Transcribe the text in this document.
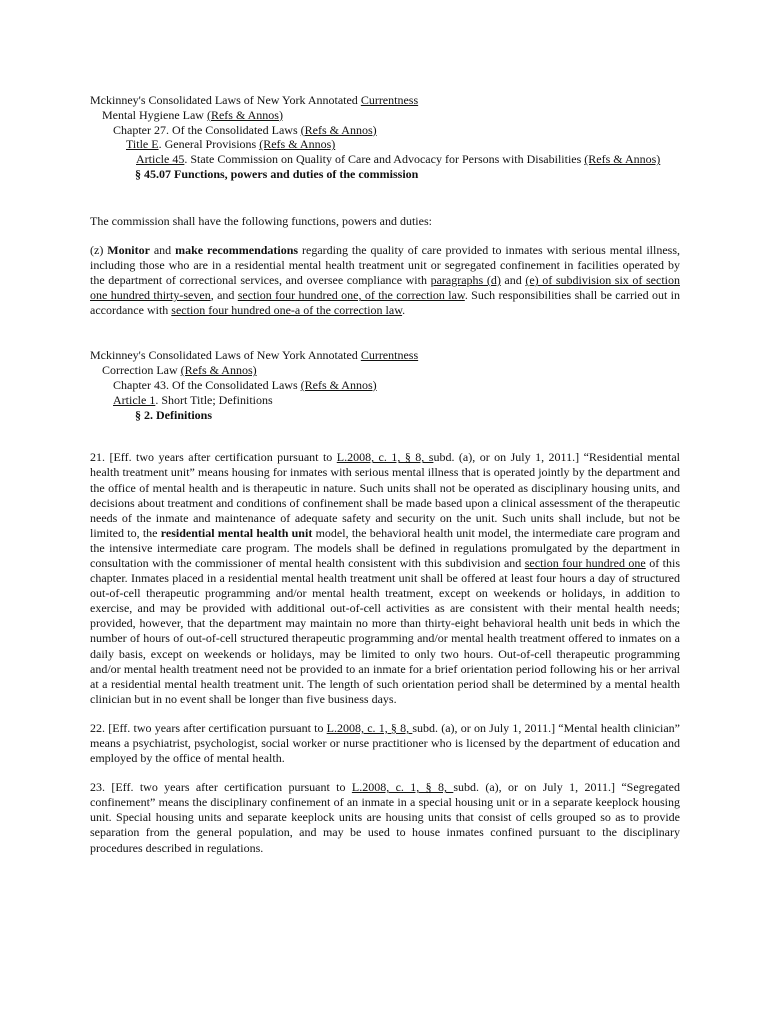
Mckinney's Consolidated Laws of New York Annotated Currentness
Mental Hygiene Law (Refs & Annos)
Chapter 27. Of the Consolidated Laws (Refs & Annos)
Title E. General Provisions (Refs & Annos)
Article 45. State Commission on Quality of Care and Advocacy for Persons with Disabilities (Refs & Annos)
§ 45.07 Functions, powers and duties of the commission
The commission shall have the following functions, powers and duties:
(z) Monitor and make recommendations regarding the quality of care provided to inmates with serious mental illness, including those who are in a residential mental health treatment unit or segregated confinement in facilities operated by the department of correctional services, and oversee compliance with paragraphs (d) and (e) of subdivision six of section one hundred thirty-seven, and section four hundred one, of the correction law. Such responsibilities shall be carried out in accordance with section four hundred one-a of the correction law.
Mckinney's Consolidated Laws of New York Annotated Currentness
Correction Law (Refs & Annos)
Chapter 43. Of the Consolidated Laws (Refs & Annos)
Article 1. Short Title; Definitions
§ 2. Definitions
21. [Eff. two years after certification pursuant to L.2008, c. 1, § 8, subd. (a), or on July 1, 2011.] “Residential mental health treatment unit” means housing for inmates with serious mental illness that is operated jointly by the department and the office of mental health and is therapeutic in nature. Such units shall not be operated as disciplinary housing units, and decisions about treatment and conditions of confinement shall be made based upon a clinical assessment of the therapeutic needs of the inmate and maintenance of adequate safety and security on the unit. Such units shall include, but not be limited to, the residential mental health unit model, the behavioral health unit model, the intermediate care program and the intensive intermediate care program. The models shall be defined in regulations promulgated by the department in consultation with the commissioner of mental health consistent with this subdivision and section four hundred one of this chapter. Inmates placed in a residential mental health treatment unit shall be offered at least four hours a day of structured out-of-cell therapeutic programming and/or mental health treatment, except on weekends or holidays, in addition to exercise, and may be provided with additional out-of-cell activities as are consistent with their mental health needs; provided, however, that the department may maintain no more than thirty-eight behavioral health unit beds in which the number of hours of out-of-cell structured therapeutic programming and/or mental health treatment offered to inmates on a daily basis, except on weekends or holidays, may be limited to only two hours. Out-of-cell therapeutic programming and/or mental health treatment need not be provided to an inmate for a brief orientation period following his or her arrival at a residential mental health treatment unit. The length of such orientation period shall be determined by a mental health clinician but in no event shall be longer than five business days.
22. [Eff. two years after certification pursuant to L.2008, c. 1, § 8, subd. (a), or on July 1, 2011.] “Mental health clinician” means a psychiatrist, psychologist, social worker or nurse practitioner who is licensed by the department of education and employed by the office of mental health.
23. [Eff. two years after certification pursuant to L.2008, c. 1, § 8, subd. (a), or on July 1, 2011.] “Segregated confinement” means the disciplinary confinement of an inmate in a special housing unit or in a separate keeplock housing unit. Special housing units and separate keeplock units are housing units that consist of cells grouped so as to provide separation from the general population, and may be used to house inmates confined pursuant to the disciplinary procedures described in regulations.
